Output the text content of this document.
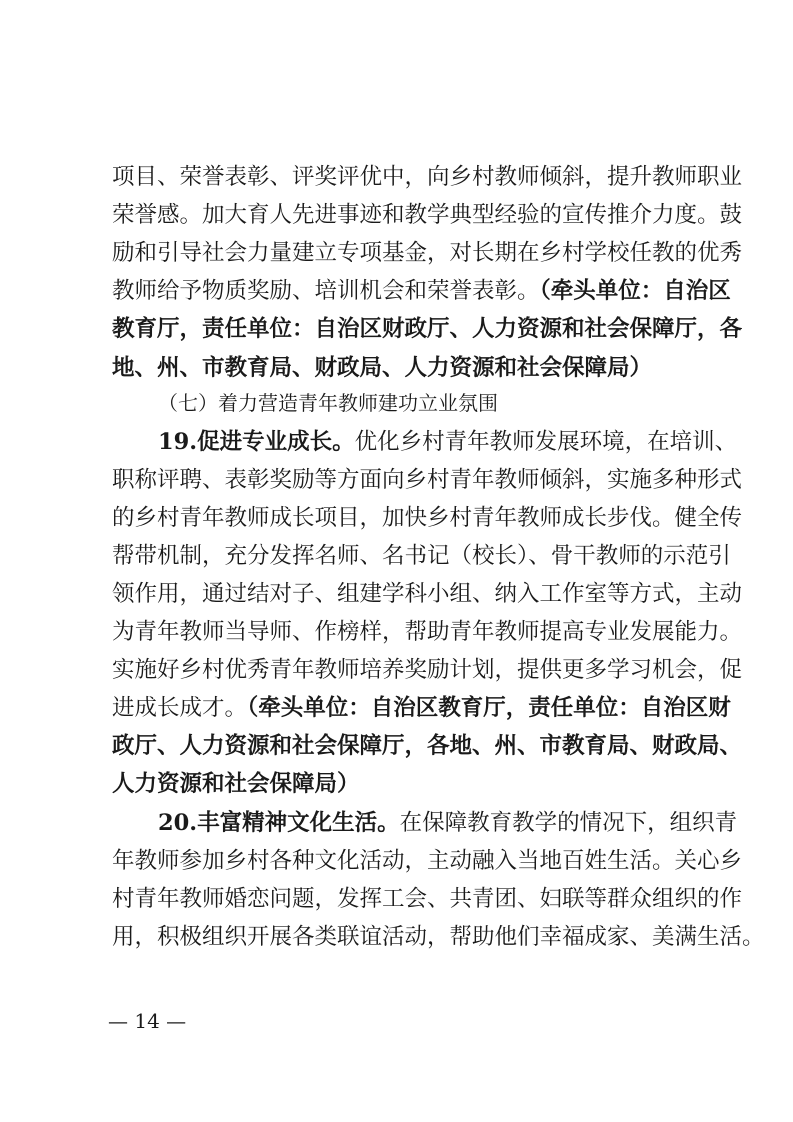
项目、荣誉表彰、评奖评优中，向乡村教师倾斜，提升教师职业
荣誉感。加大育人先进事迹和教学典型经验的宣传推介力度。鼓
励和引导社会力量建立专项基金，对长期在乡村学校任教的优秀
教师给予物质奖励、培训机会和荣誉表彰。（牵头单位：自治区
教育厅，责任单位：自治区财政厅、人力资源和社会保障厅，各
地、州、市教育局、财政局、人力资源和社会保障局）
（七）着力营造青年教师建功立业氛围
19.促进专业成长。优化乡村青年教师发展环境，在培训、
职称评聘、表彰奖励等方面向乡村青年教师倾斜，实施多种形式
的乡村青年教师成长项目，加快乡村青年教师成长步伐。健全传
帮带机制，充分发挥名师、名书记（校长）、骨干教师的示范引
领作用，通过结对子、组建学科小组、纳入工作室等方式，主动
为青年教师当导师、作榜样，帮助青年教师提高专业发展能力。
实施好乡村优秀青年教师培养奖励计划，提供更多学习机会，促
进成长成才。（牵头单位：自治区教育厅，责任单位：自治区财
政厅、人力资源和社会保障厅，各地、州、市教育局、财政局、
人力资源和社会保障局）
20.丰富精神文化生活。在保障教育教学的情况下，组织青
年教师参加乡村各种文化活动，主动融入当地百姓生活。关心乡
村青年教师婚恋问题，发挥工会、共青团、妇联等群众组织的作
用，积极组织开展各类联谊活动，帮助他们幸福成家、美满生活。
— 14 —
